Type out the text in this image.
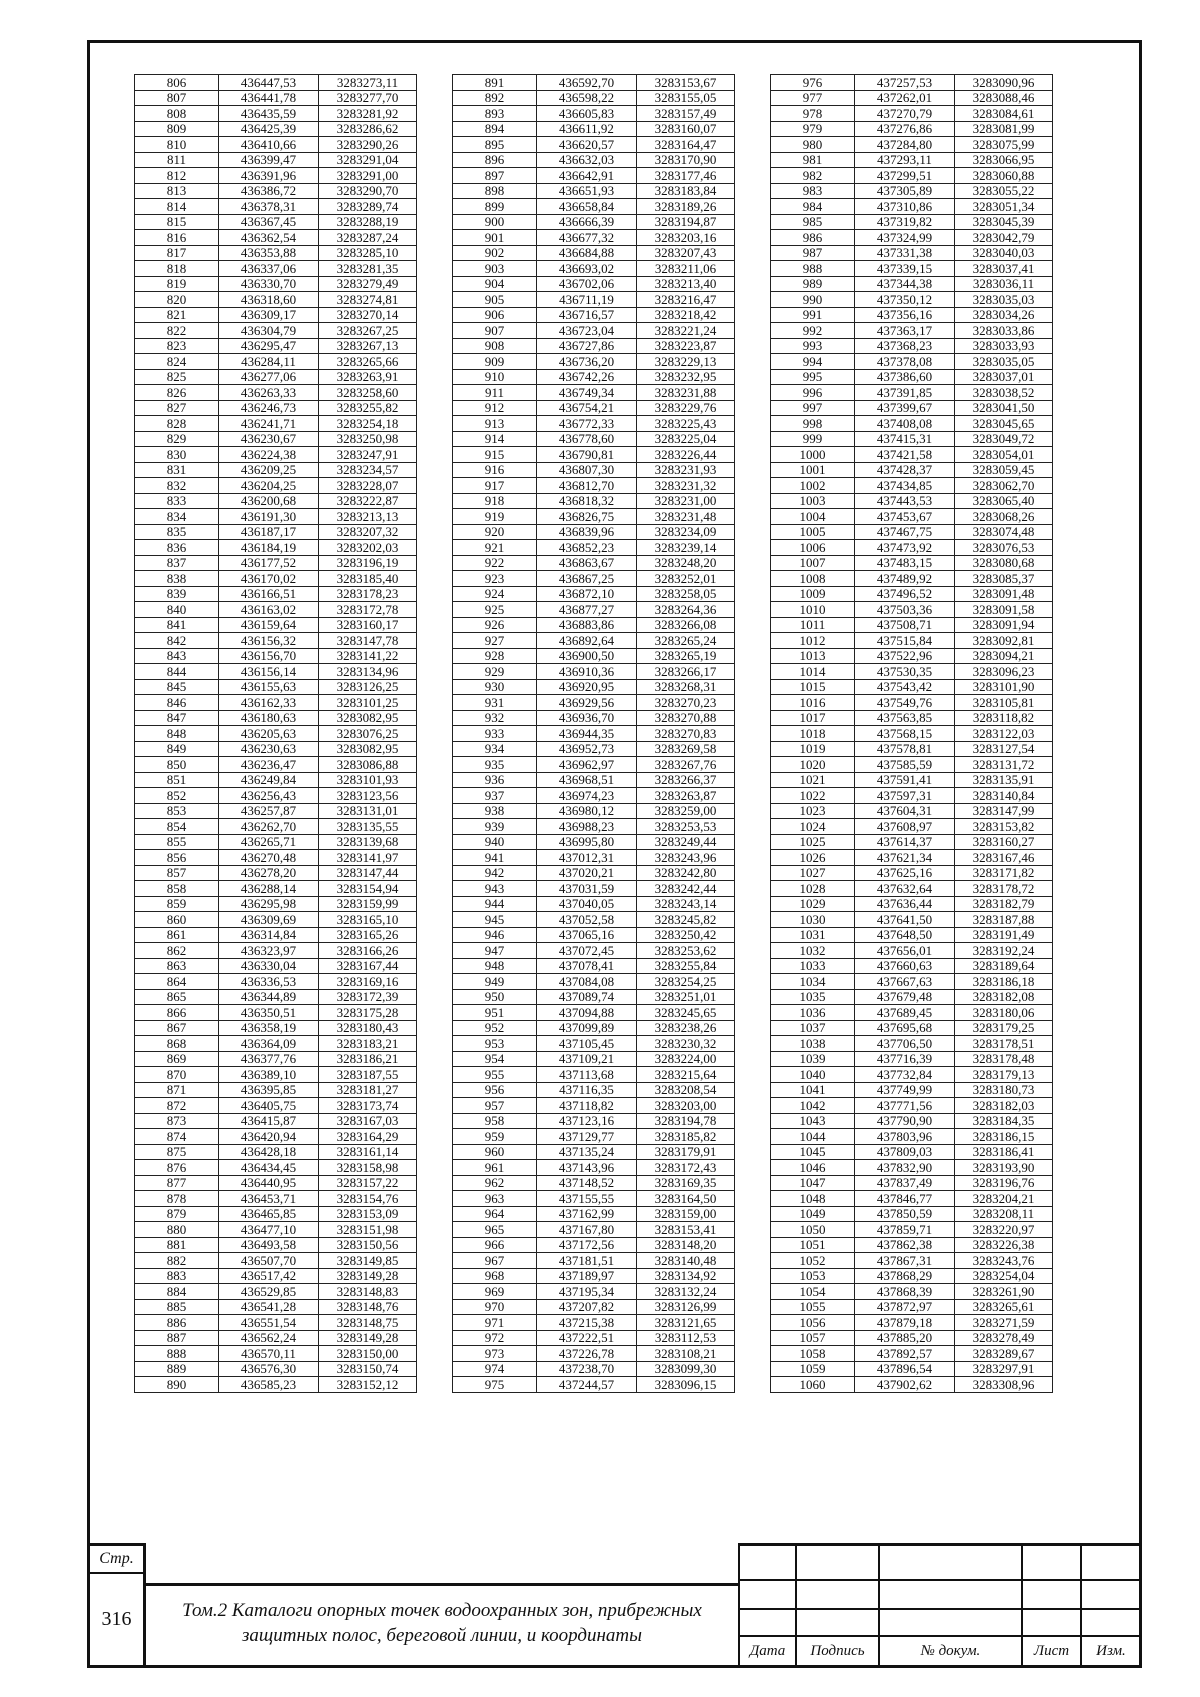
806	436447,53	3283273,11
807	436441,78	3283277,70
808	436435,59	3283281,92
809	436425,39	3283286,62
810	436410,66	3283290,26
811	436399,47	3283291,04
812	436391,96	3283291,00
813	436386,72	3283290,70
814	436378,31	3283289,74
815	436367,45	3283288,19
816	436362,54	3283287,24
817	436353,88	3283285,10
818	436337,06	3283281,35
819	436330,70	3283279,49
820	436318,60	3283274,81
821	436309,17	3283270,14
822	436304,79	3283267,25
823	436295,47	3283267,13
824	436284,11	3283265,66
825	436277,06	3283263,91
826	436263,33	3283258,60
827	436246,73	3283255,82
828	436241,71	3283254,18
829	436230,67	3283250,98
830	436224,38	3283247,91
831	436209,25	3283234,57
832	436204,25	3283228,07
833	436200,68	3283222,87
834	436191,30	3283213,13
835	436187,17	3283207,32
836	436184,19	3283202,03
837	436177,52	3283196,19
838	436170,02	3283185,40
839	436166,51	3283178,23
840	436163,02	3283172,78
841	436159,64	3283160,17
842	436156,32	3283147,78
843	436156,70	3283141,22
844	436156,14	3283134,96
845	436155,63	3283126,25
846	436162,33	3283101,25
847	436180,63	3283082,95
848	436205,63	3283076,25
849	436230,63	3283082,95
850	436236,47	3283086,88
851	436249,84	3283101,93
852	436256,43	3283123,56
853	436257,87	3283131,01
854	436262,70	3283135,55
855	436265,71	3283139,68
856	436270,48	3283141,97
857	436278,20	3283147,44
858	436288,14	3283154,94
859	436295,98	3283159,99
860	436309,69	3283165,10
861	436314,84	3283165,26
862	436323,97	3283166,26
863	436330,04	3283167,44
864	436336,53	3283169,16
865	436344,89	3283172,39
866	436350,51	3283175,28
867	436358,19	3283180,43
868	436364,09	3283183,21
869	436377,76	3283186,21
870	436389,10	3283187,55
871	436395,85	3283181,27
872	436405,75	3283173,74
873	436415,87	3283167,03
874	436420,94	3283164,29
875	436428,18	3283161,14
876	436434,45	3283158,98
877	436440,95	3283157,22
878	436453,71	3283154,76
879	436465,85	3283153,09
880	436477,10	3283151,98
881	436493,58	3283150,56
882	436507,70	3283149,85
883	436517,42	3283149,28
884	436529,85	3283148,83
885	436541,28	3283148,76
886	436551,54	3283148,75
887	436562,24	3283149,28
888	436570,11	3283150,00
889	436576,30	3283150,74
890	436585,23	3283152,12
891	436592,70	3283153,67
892	436598,22	3283155,05
893	436605,83	3283157,49
894	436611,92	3283160,07
895	436620,57	3283164,47
896	436632,03	3283170,90
897	436642,91	3283177,46
898	436651,93	3283183,84
899	436658,84	3283189,26
900	436666,39	3283194,87
901	436677,32	3283203,16
902	436684,88	3283207,43
903	436693,02	3283211,06
904	436702,06	3283213,40
905	436711,19	3283216,47
906	436716,57	3283218,42
907	436723,04	3283221,24
908	436727,86	3283223,87
909	436736,20	3283229,13
910	436742,26	3283232,95
911	436749,34	3283231,88
912	436754,21	3283229,76
913	436772,33	3283225,43
914	436778,60	3283225,04
915	436790,81	3283226,44
916	436807,30	3283231,93
917	436812,70	3283231,32
918	436818,32	3283231,00
919	436826,75	3283231,48
920	436839,96	3283234,09
921	436852,23	3283239,14
922	436863,67	3283248,20
923	436867,25	3283252,01
924	436872,10	3283258,05
925	436877,27	3283264,36
926	436883,86	3283266,08
927	436892,64	3283265,24
928	436900,50	3283265,19
929	436910,36	3283266,17
930	436920,95	3283268,31
931	436929,56	3283270,23
932	436936,70	3283270,88
933	436944,35	3283270,83
934	436952,73	3283269,58
935	436962,97	3283267,76
936	436968,51	3283266,37
937	436974,23	3283263,87
938	436980,12	3283259,00
939	436988,23	3283253,53
940	436995,80	3283249,44
941	437012,31	3283243,96
942	437020,21	3283242,80
943	437031,59	3283242,44
944	437040,05	3283243,14
945	437052,58	3283245,82
946	437065,16	3283250,42
947	437072,45	3283253,62
948	437078,41	3283255,84
949	437084,08	3283254,25
950	437089,74	3283251,01
951	437094,88	3283245,65
952	437099,89	3283238,26
953	437105,45	3283230,32
954	437109,21	3283224,00
955	437113,68	3283215,64
956	437116,35	3283208,54
957	437118,82	3283203,00
958	437123,16	3283194,78
959	437129,77	3283185,82
960	437135,24	3283179,91
961	437143,96	3283172,43
962	437148,52	3283169,35
963	437155,55	3283164,50
964	437162,99	3283159,00
965	437167,80	3283153,41
966	437172,56	3283148,20
967	437181,51	3283140,48
968	437189,97	3283134,92
969	437195,34	3283132,24
970	437207,82	3283126,99
971	437215,38	3283121,65
972	437222,51	3283112,53
973	437226,78	3283108,21
974	437238,70	3283099,30
975	437244,57	3283096,15
976	437257,53	3283090,96
977	437262,01	3283088,46
978	437270,79	3283084,61
979	437276,86	3283081,99
980	437284,80	3283075,99
981	437293,11	3283066,95
982	437299,51	3283060,88
983	437305,89	3283055,22
984	437310,86	3283051,34
985	437319,82	3283045,39
986	437324,99	3283042,79
987	437331,38	3283040,03
988	437339,15	3283037,41
989	437344,38	3283036,11
990	437350,12	3283035,03
991	437356,16	3283034,26
992	437363,17	3283033,86
993	437368,23	3283033,93
994	437378,08	3283035,05
995	437386,60	3283037,01
996	437391,85	3283038,52
997	437399,67	3283041,50
998	437408,08	3283045,65
999	437415,31	3283049,72
1000	437421,58	3283054,01
1001	437428,37	3283059,45
1002	437434,85	3283062,70
1003	437443,53	3283065,40
1004	437453,67	3283068,26
1005	437467,75	3283074,48
1006	437473,92	3283076,53
1007	437483,15	3283080,68
1008	437489,92	3283085,37
1009	437496,52	3283091,48
1010	437503,36	3283091,58
1011	437508,71	3283091,94
1012	437515,84	3283092,81
1013	437522,96	3283094,21
1014	437530,35	3283096,23
1015	437543,42	3283101,90
1016	437549,76	3283105,81
1017	437563,85	3283118,82
1018	437568,15	3283122,03
1019	437578,81	3283127,54
1020	437585,59	3283131,72
1021	437591,41	3283135,91
1022	437597,31	3283140,84
1023	437604,31	3283147,99
1024	437608,97	3283153,82
1025	437614,37	3283160,27
1026	437621,34	3283167,46
1027	437625,16	3283171,82
1028	437632,64	3283178,72
1029	437636,44	3283182,79
1030	437641,50	3283187,88
1031	437648,50	3283191,49
1032	437656,01	3283192,24
1033	437660,63	3283189,64
1034	437667,63	3283186,18
1035	437679,48	3283182,08
1036	437689,45	3283180,06
1037	437695,68	3283179,25
1038	437706,50	3283178,51
1039	437716,39	3283178,48
1040	437732,84	3283179,13
1041	437749,99	3283180,73
1042	437771,56	3283182,03
1043	437790,90	3283184,35
1044	437803,96	3283186,15
1045	437809,03	3283186,41
1046	437832,90	3283193,90
1047	437837,49	3283196,76
1048	437846,77	3283204,21
1049	437850,59	3283208,11
1050	437859,71	3283220,97
1051	437862,38	3283226,38
1052	437867,31	3283243,76
1053	437868,29	3283254,04
1054	437868,39	3283261,90
1055	437872,97	3283265,61
1056	437879,18	3283271,59
1057	437885,20	3283278,49
1058	437892,57	3283289,67
1059	437896,54	3283297,91
1060	437902,62	3283308,96
Стр.
316	Том.2 Каталоги опорных точек водоохранных зон, прибрежных
защитных полос, береговой линии, и координаты

Дата	Подпись	№ докум.	Лист	Изм.
